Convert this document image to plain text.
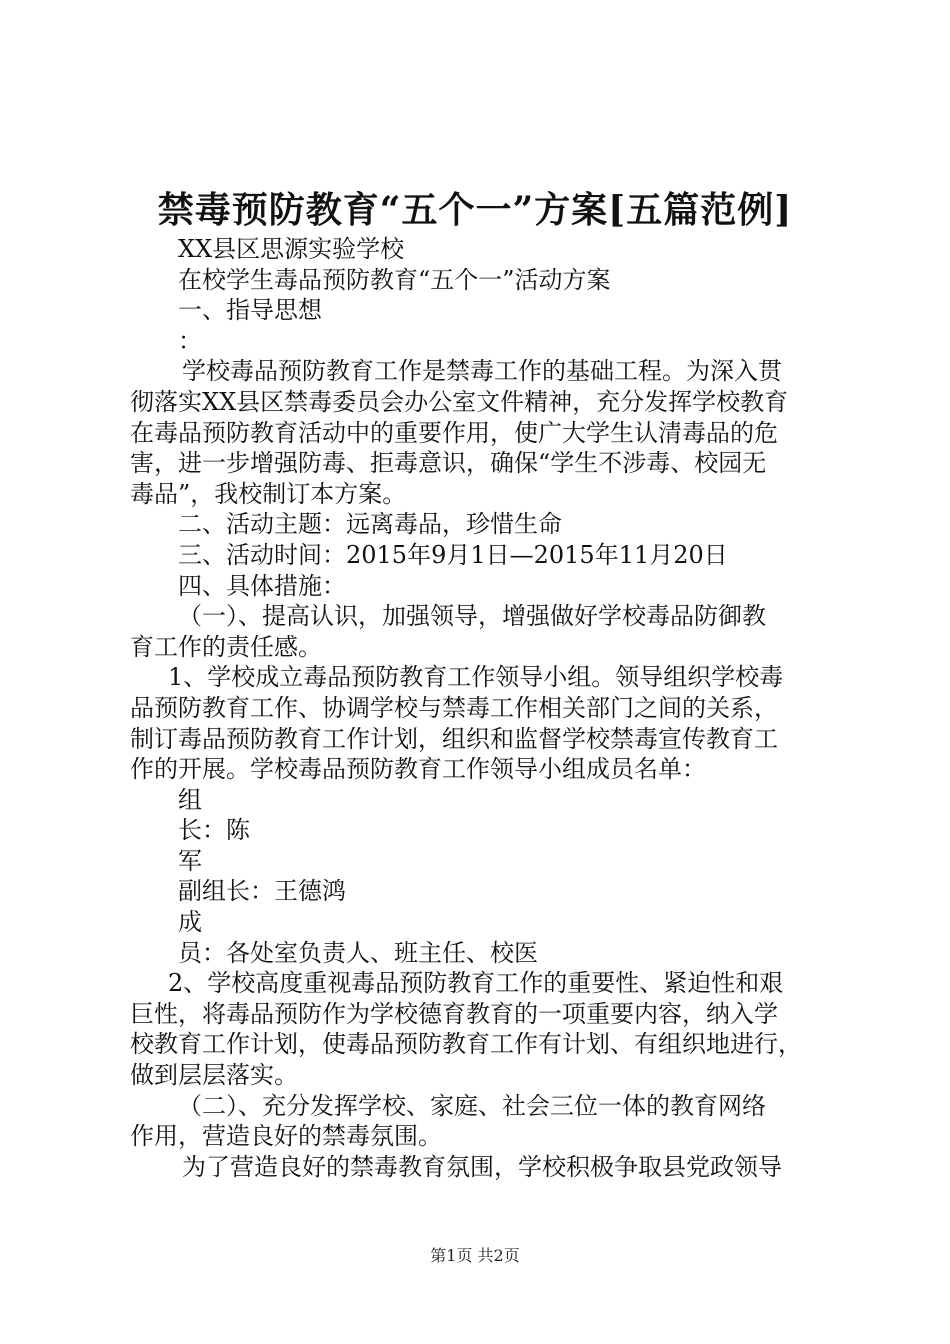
禁毒预防教育“五个一”方案[五篇范例]
XX县区思源实验学校
在校学生毒品预防教育“五个一”活动方案
一、指导思想
：
学校毒品预防教育工作是禁毒工作的基础工程。为深入贯
彻落实XX县区禁毒委员会办公室文件精神，充分发挥学校教育
在毒品预防教育活动中的重要作用，使广大学生认清毒品的危
害，进一步增强防毒、拒毒意识，确保“学生不涉毒、校园无
毒品”，我校制订本方案。
二、活动主题：远离毒品，珍惜生命
三、活动时间：2015年9月1日—2015年11月20日
四、具体措施：
（一）、提高认识，加强领导，增强做好学校毒品防御教
育工作的责任感。
1、学校成立毒品预防教育工作领导小组。领导组织学校毒
品预防教育工作、协调学校与禁毒工作相关部门之间的关系，
制订毒品预防教育工作计划，组织和监督学校禁毒宣传教育工
作的开展。学校毒品预防教育工作领导小组成员名单：
组
长：陈
军
副组长：王德鸿
成
员：各处室负责人、班主任、校医
2、学校高度重视毒品预防教育工作的重要性、紧迫性和艰
巨性，将毒品预防作为学校德育教育的一项重要内容，纳入学
校教育工作计划，使毒品预防教育工作有计划、有组织地进行，
做到层层落实。
（二）、充分发挥学校、家庭、社会三位一体的教育网络
作用，营造良好的禁毒氛围。
为了营造良好的禁毒教育氛围，学校积极争取县党政领导
第1页 共2页
